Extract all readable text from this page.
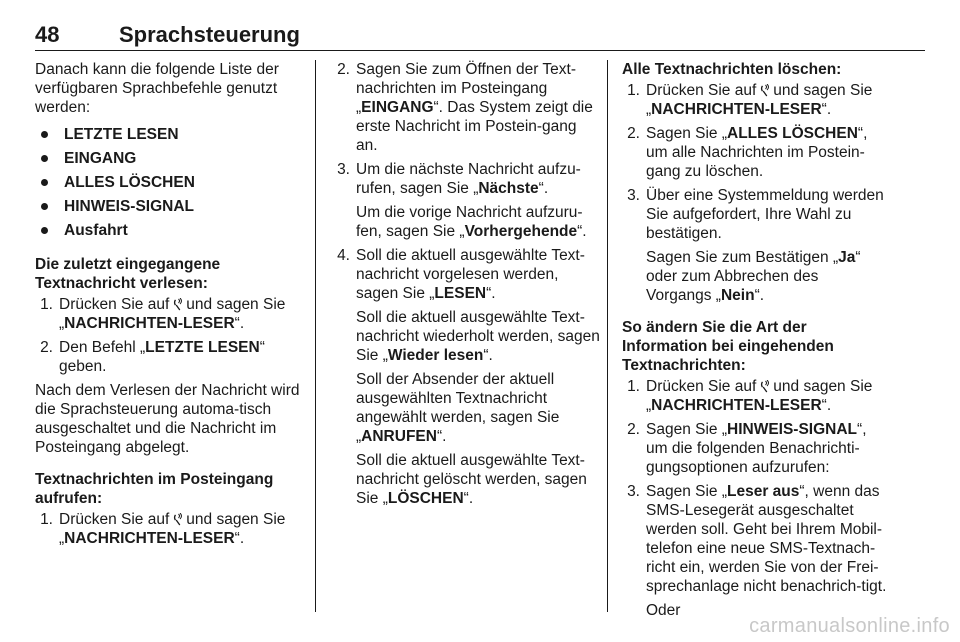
48	Sprachsteuerung

Danach kann die folgende Liste der verfügbaren Sprachbefehle genutzt werden:

LETZTE LESEN
EINGANG
ALLES LÖSCHEN
HINWEIS-SIGNAL
Ausfahrt

Die zuletzt eingegangene Textnachricht verlesen:

1. Drücken Sie auf und sagen Sie „NACHRICHTEN-LESER“.
2. Den Befehl „LETZTE LESEN“ geben.

Nach dem Verlesen der Nachricht wird die Sprachsteuerung automa-tisch ausgeschaltet und die Nachricht im Posteingang abgelegt.

Textnachrichten im Posteingang aufrufen:

1. Drücken Sie auf und sagen Sie „NACHRICHTEN-LESER“.
2. Sagen Sie zum Öffnen der Text-nachrichten im Posteingang „EINGANG“. Das System zeigt die erste Nachricht im Postein-gang an.
3. Um die nächste Nachricht aufzu-rufen, sagen Sie „Nächste“.

Um die vorige Nachricht aufzuru-fen, sagen Sie „Vorhergehende“.

4. Soll die aktuell ausgewählte Text-nachricht vorgelesen werden, sagen Sie „LESEN“.

Soll die aktuell ausgewählte Text-nachricht wiederholt werden, sagen Sie „Wieder lesen“.

Soll der Absender der aktuell ausgewählten Textnachricht angewählt werden, sagen Sie „ANRUFEN“.

Soll die aktuell ausgewählte Text-nachricht gelöscht werden, sagen Sie „LÖSCHEN“.

Alle Textnachrichten löschen:

1. Drücken Sie auf und sagen Sie „NACHRICHTEN-LESER“.
2. Sagen Sie „ALLES LÖSCHEN“, um alle Nachrichten im Postein-gang zu löschen.
3. Über eine Systemmeldung werden Sie aufgefordert, Ihre Wahl zu bestätigen.

Sagen Sie zum Bestätigen „Ja“ oder zum Abbrechen des Vorgangs „Nein“.

So ändern Sie die Art der Information bei eingehenden Textnachrichten:

1. Drücken Sie auf und sagen Sie „NACHRICHTEN-LESER“.
2. Sagen Sie „HINWEIS-SIGNAL“, um die folgenden Benachrichti-gungsoptionen aufzurufen:
3. Sagen Sie „Leser aus“, wenn das SMS-Lesegerät ausgeschaltet werden soll. Geht bei Ihrem Mobil-telefon eine neue SMS-Textnach-richt ein, werden Sie von der Frei-sprechanlage nicht benachrich-tigt.

Oder

carmanualsonline.info
